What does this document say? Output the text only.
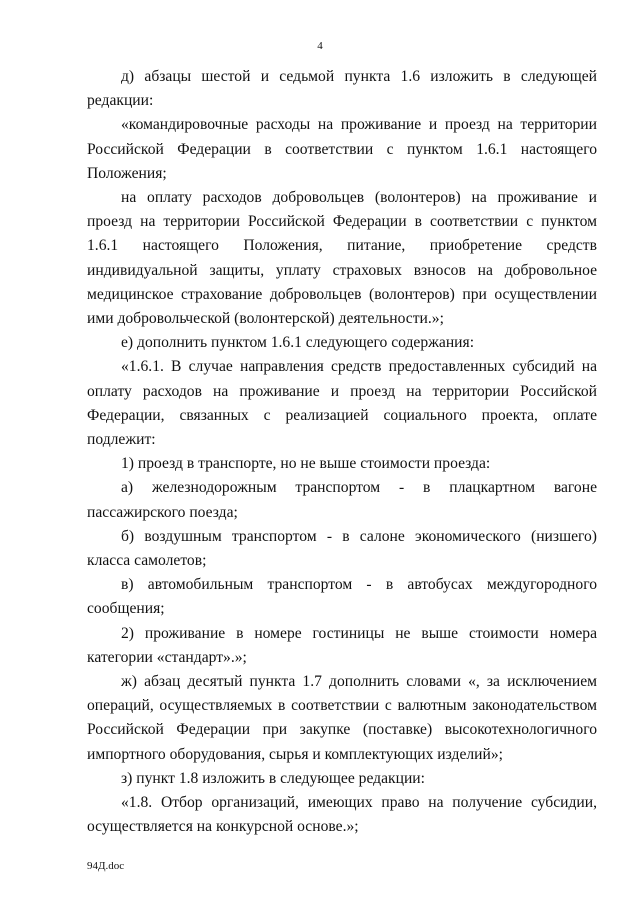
4

д) абзацы шестой и седьмой пункта 1.6 изложить в следующей редакции:

«командировочные расходы на проживание и проезд на территории Российской Федерации в соответствии с пунктом 1.6.1 настоящего Положения;

на оплату расходов добровольцев (волонтеров) на проживание и проезд на территории Российской Федерации в соответствии с пунктом 1.6.1 настоящего Положения, питание, приобретение средств индивидуальной защиты, уплату страховых взносов на добровольное медицинское страхование добровольцев (волонтеров) при осуществлении ими добровольческой (волонтерской) деятельности.»;

е) дополнить пунктом 1.6.1 следующего содержания:

«1.6.1. В случае направления средств предоставленных субсидий на оплату расходов на проживание и проезд на территории Российской Федерации, связанных с реализацией социального проекта, оплате подлежит:

1) проезд в транспорте, но не выше стоимости проезда:

а) железнодорожным транспортом - в плацкартном вагоне пассажирского поезда;

б) воздушным транспортом - в салоне экономического (низшего) класса самолетов;

в) автомобильным транспортом - в автобусах междугородного сообщения;

2) проживание в номере гостиницы не выше стоимости номера категории «стандарт».»;

ж) абзац десятый пункта 1.7 дополнить словами «, за исключением операций, осуществляемых в соответствии с валютным законодательством Российской Федерации при закупке (поставке) высокотехнологичного импортного оборудования, сырья и комплектующих изделий»;

з) пункт 1.8 изложить в следующее редакции:

«1.8. Отбор организаций, имеющих право на получение субсидии, осуществляется на конкурсной основе.»;

94Д.doc
